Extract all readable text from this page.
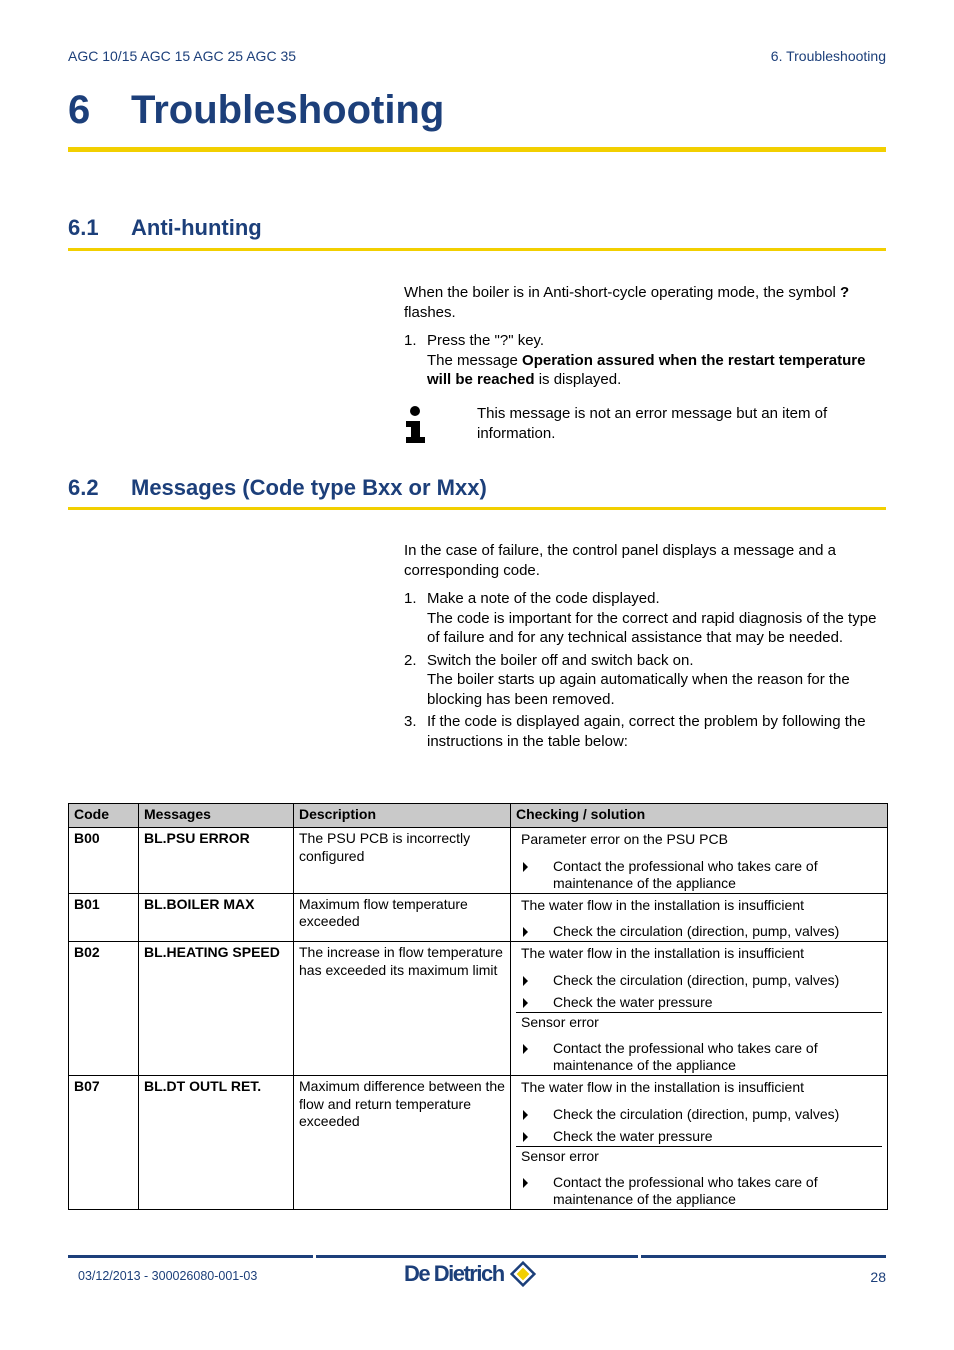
AGC 10/15 AGC 15 AGC 25 AGC 35	6. Troubleshooting
6 Troubleshooting
6.1 Anti-hunting
When the boiler is in Anti-short-cycle operating mode, the symbol ? flashes.
1. Press the "?" key.
The message Operation assured when the restart temperature will be reached is displayed.
This message is not an error message but an item of information.
6.2 Messages (Code type Bxx or Mxx)
In the case of failure, the control panel displays a message and a corresponding code.
1. Make a note of the code displayed.
The code is important for the correct and rapid diagnosis of the type of failure and for any technical assistance that may be needed.
2. Switch the boiler off and switch back on.
The boiler starts up again automatically when the reason for the blocking has been removed.
3. If the code is displayed again, correct the problem by following the instructions in the table below:
Code	Messages	Description	Checking / solution
B00	BL.PSU ERROR	The PSU PCB is incorrectly configured	Parameter error on the PSU PCB
Contact the professional who takes care of maintenance of the appliance

B01	BL.BOILER MAX	Maximum flow temperature exceeded	The water flow in the installation is insufficient
Check the circulation (direction, pump, valves)

B02	BL.HEATING SPEED	The increase in flow temperature has exceeded its maximum limit	The water flow in the installation is insufficient
Check the circulation (direction, pump, valves)
Check the water pressure
Sensor error
Contact the professional who takes care of maintenance of the appliance

B07	BL.DT OUTL RET.	Maximum difference between the flow and return temperature exceeded	The water flow in the installation is insufficient
Check the circulation (direction, pump, valves)
Check the water pressure
Sensor error
Contact the professional who takes care of maintenance of the appliance
03/12/2013 - 300026080-001-03	De Dietrich	28
